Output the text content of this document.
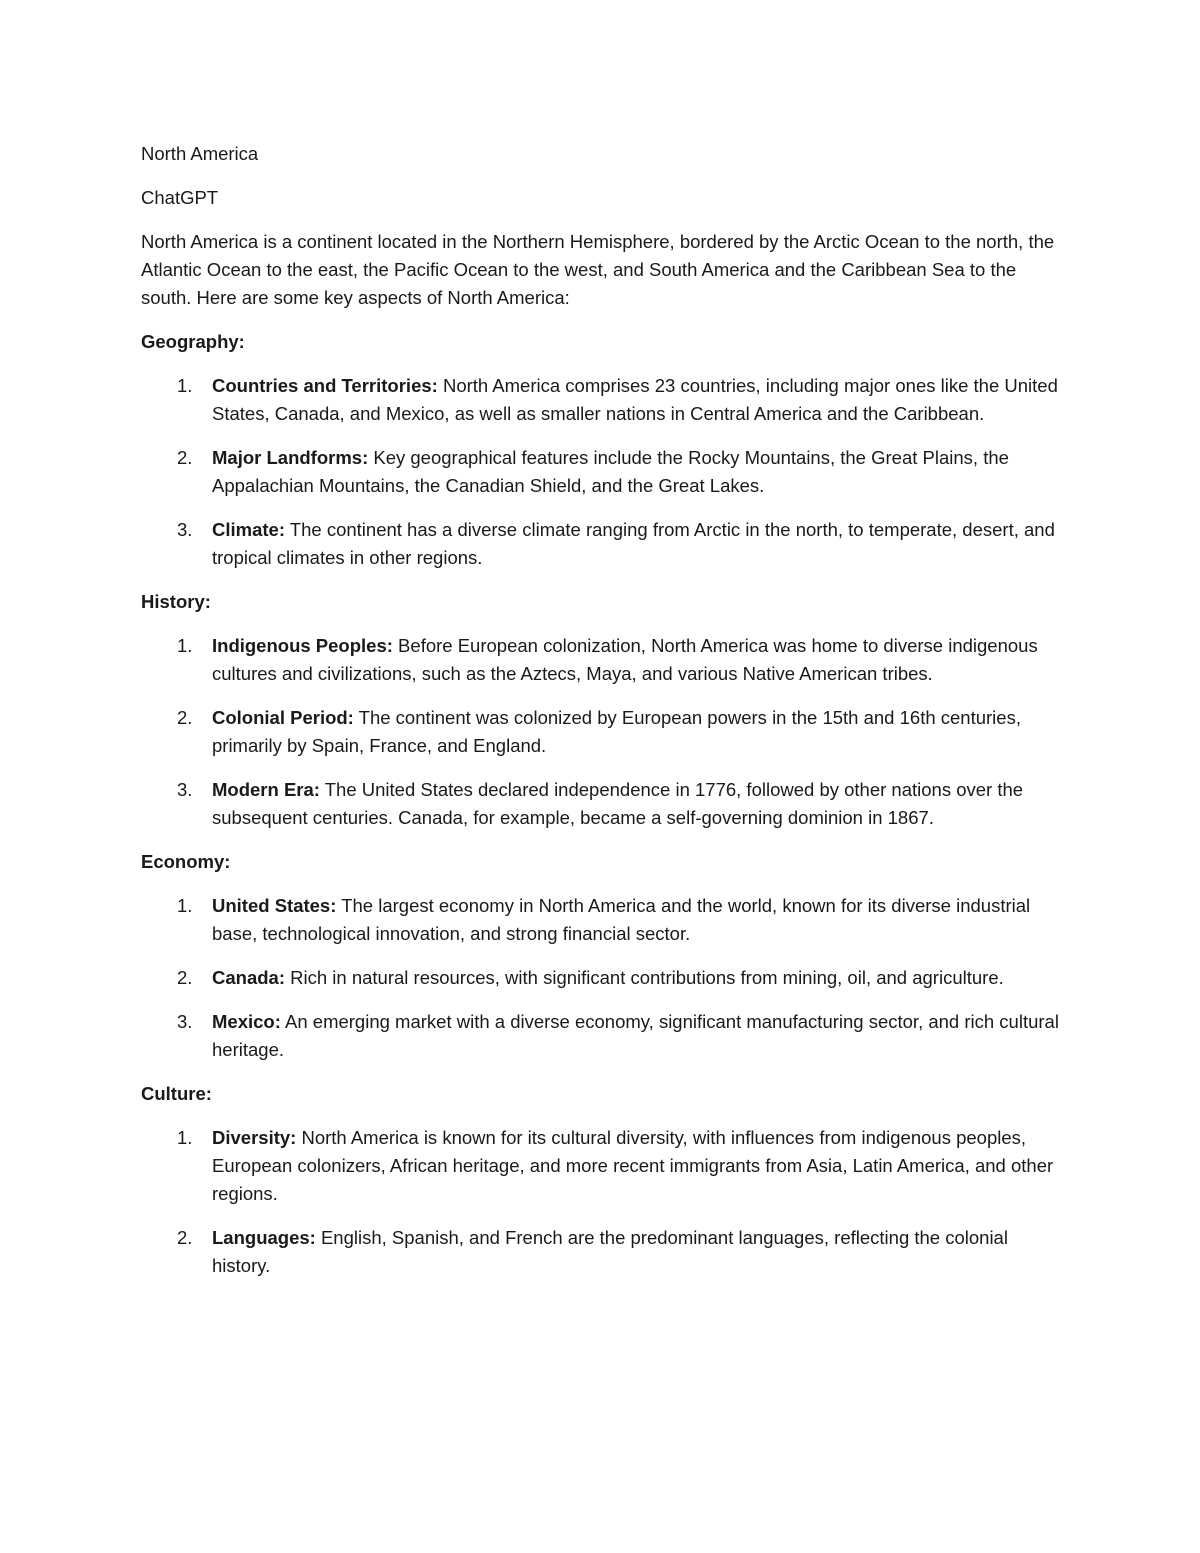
North America

ChatGPT

North America is a continent located in the Northern Hemisphere, bordered by the Arctic Ocean to the north, the Atlantic Ocean to the east, the Pacific Ocean to the west, and South America and the Caribbean Sea to the south. Here are some key aspects of North America:

Geography:

1. Countries and Territories: North America comprises 23 countries, including major ones like the United States, Canada, and Mexico, as well as smaller nations in Central America and the Caribbean.
2. Major Landforms: Key geographical features include the Rocky Mountains, the Great Plains, the Appalachian Mountains, the Canadian Shield, and the Great Lakes.
3. Climate: The continent has a diverse climate ranging from Arctic in the north, to temperate, desert, and tropical climates in other regions.

History:

1. Indigenous Peoples: Before European colonization, North America was home to diverse indigenous cultures and civilizations, such as the Aztecs, Maya, and various Native American tribes.
2. Colonial Period: The continent was colonized by European powers in the 15th and 16th centuries, primarily by Spain, France, and England.
3. Modern Era: The United States declared independence in 1776, followed by other nations over the subsequent centuries. Canada, for example, became a self-governing dominion in 1867.

Economy:

1. United States: The largest economy in North America and the world, known for its diverse industrial base, technological innovation, and strong financial sector.
2. Canada: Rich in natural resources, with significant contributions from mining, oil, and agriculture.
3. Mexico: An emerging market with a diverse economy, significant manufacturing sector, and rich cultural heritage.

Culture:

1. Diversity: North America is known for its cultural diversity, with influences from indigenous peoples, European colonizers, African heritage, and more recent immigrants from Asia, Latin America, and other regions.
2. Languages: English, Spanish, and French are the predominant languages, reflecting the colonial history.
